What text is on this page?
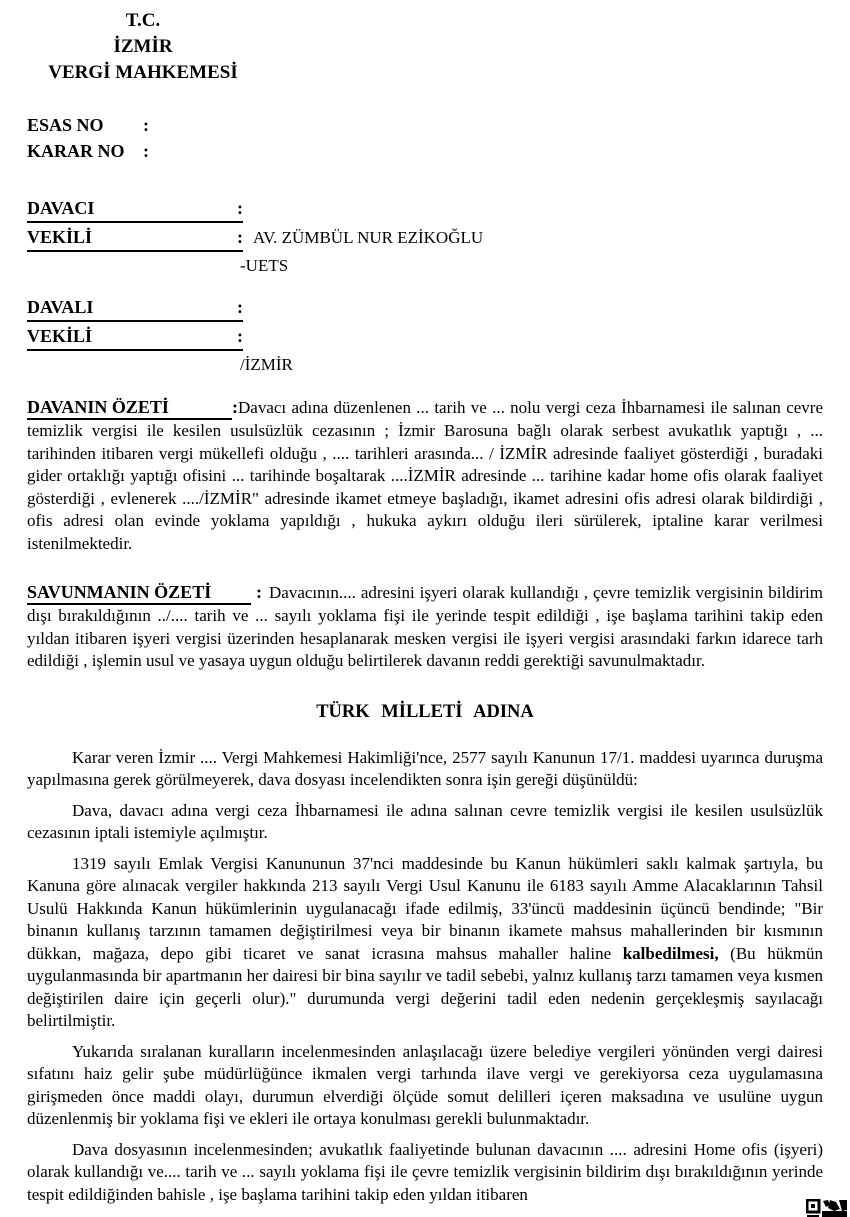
T.C.
İZMİR
VERGİ MAHKEMESİ
ESAS NO :
KARAR NO :
DAVACI	:
VEKİLİ	: AV. ZÜMBÜL NUR EZİKOĞLU
-UETS
DAVALI	:
VEKİLİ	:
/İZMİR

DAVANIN ÖZETİ	:Davacı adına düzenlenen ... tarih ve ... nolu vergi ceza İhbarnamesi ile salınan cevre temizlik vergisi ile kesilen usulsüzlük cezasının ; İzmir Barosuna bağlı olarak serbest avukatlık yaptığı , ... tarihinden itibaren vergi mükellefi olduğu , .... tarihleri arasında... / İZMİR adresinde faaliyet gösterdiği , buradaki gider ortaklığı yaptığı ofisini ... tarihinde boşaltarak ....İZMİR adresinde ... tarihine kadar home ofis olarak faaliyet gösterdiği , evlenerek ..../İZMİR" adresinde ikamet etmeye başladığı, ikamet adresini ofis adresi olarak bildirdiği , ofis adresi olan evinde yoklama yapıldığı , hukuka aykırı olduğu ileri sürülerek, iptaline karar verilmesi istenilmektedir.

SAVUNMANIN ÖZETİ : Davacının.... adresini işyeri olarak kullandığı , çevre temizlik vergisinin bildirim dışı bırakıldığının ../.... tarih ve ... sayılı yoklama fişi ile yerinde tespit edildiği , işe başlama tarihini takip eden yıldan itibaren işyeri vergisi üzerinden hesaplanarak mesken vergisi ile işyeri vergisi arasındaki farkın idarece tarh edildiği , işlemin usul ve yasaya uygun olduğu belirtilerek davanın reddi gerektiği savunulmaktadır.

TÜRK MİLLETİ ADINA

Karar veren İzmir .... Vergi Mahkemesi Hakimliği'nce, 2577 sayılı Kanunun 17/1. maddesi uyarınca duruşma yapılmasına gerek görülmeyerek, dava dosyası incelendikten sonra işin gereği düşünüldü:

Dava, davacı adına vergi ceza İhbarnamesi ile adına salınan cevre temizlik vergisi ile kesilen usulsüzlük cezasının iptali istemiyle açılmıştır.

1319 sayılı Emlak Vergisi Kanununun 37'nci maddesinde bu Kanun hükümleri saklı kalmak şartıyla, bu Kanuna göre alınacak vergiler hakkında 213 sayılı Vergi Usul Kanunu ile 6183 sayılı Amme Alacaklarının Tahsil Usulü Hakkında Kanun hükümlerinin uygulanacağı ifade edilmiş, 33'üncü maddesinin üçüncü bendinde; "Bir binanın kullanış tarzının tamamen değiştirilmesi veya bir binanın ikamete mahsus mahallerinden bir kısmının dükkan, mağaza, depo gibi ticaret ve sanat icrasına mahsus mahaller haline kalbedilmesi, (Bu hükmün uygulanmasında bir apartmanın her dairesi bir bina sayılır ve tadil sebebi, yalnız kullanış tarzı tamamen veya kısmen değiştirilen daire için geçerli olur)." durumunda vergi değerini tadil eden nedenin gerçekleşmiş sayılacağı belirtilmiştir.

Yukarıda sıralanan kuralların incelenmesinden anlaşılacağı üzere belediye vergileri yönünden vergi dairesi sıfatını haiz gelir şube müdürlüğünce ikmalen vergi tarhında ilave vergi ve gerekiyorsa ceza uygulamasına girişmeden önce maddi olayı, durumun elverdiği ölçüde somut delilleri içeren maksadına ve usulüne uygun düzenlenmiş bir yoklama fişi ve ekleri ile ortaya konulması gerekli bulunmaktadır.

Dava dosyasının incelenmesinden; avukatlık faaliyetinde bulunan davacının .... adresini Home ofis (işyeri) olarak kullandığı ve.... tarih ve ... sayılı yoklama fişi ile çevre temizlik vergisinin bildirim dışı bırakıldığının yerinde tespit edildiğinden bahisle , işe başlama tarihini takip eden yıldan itibaren
